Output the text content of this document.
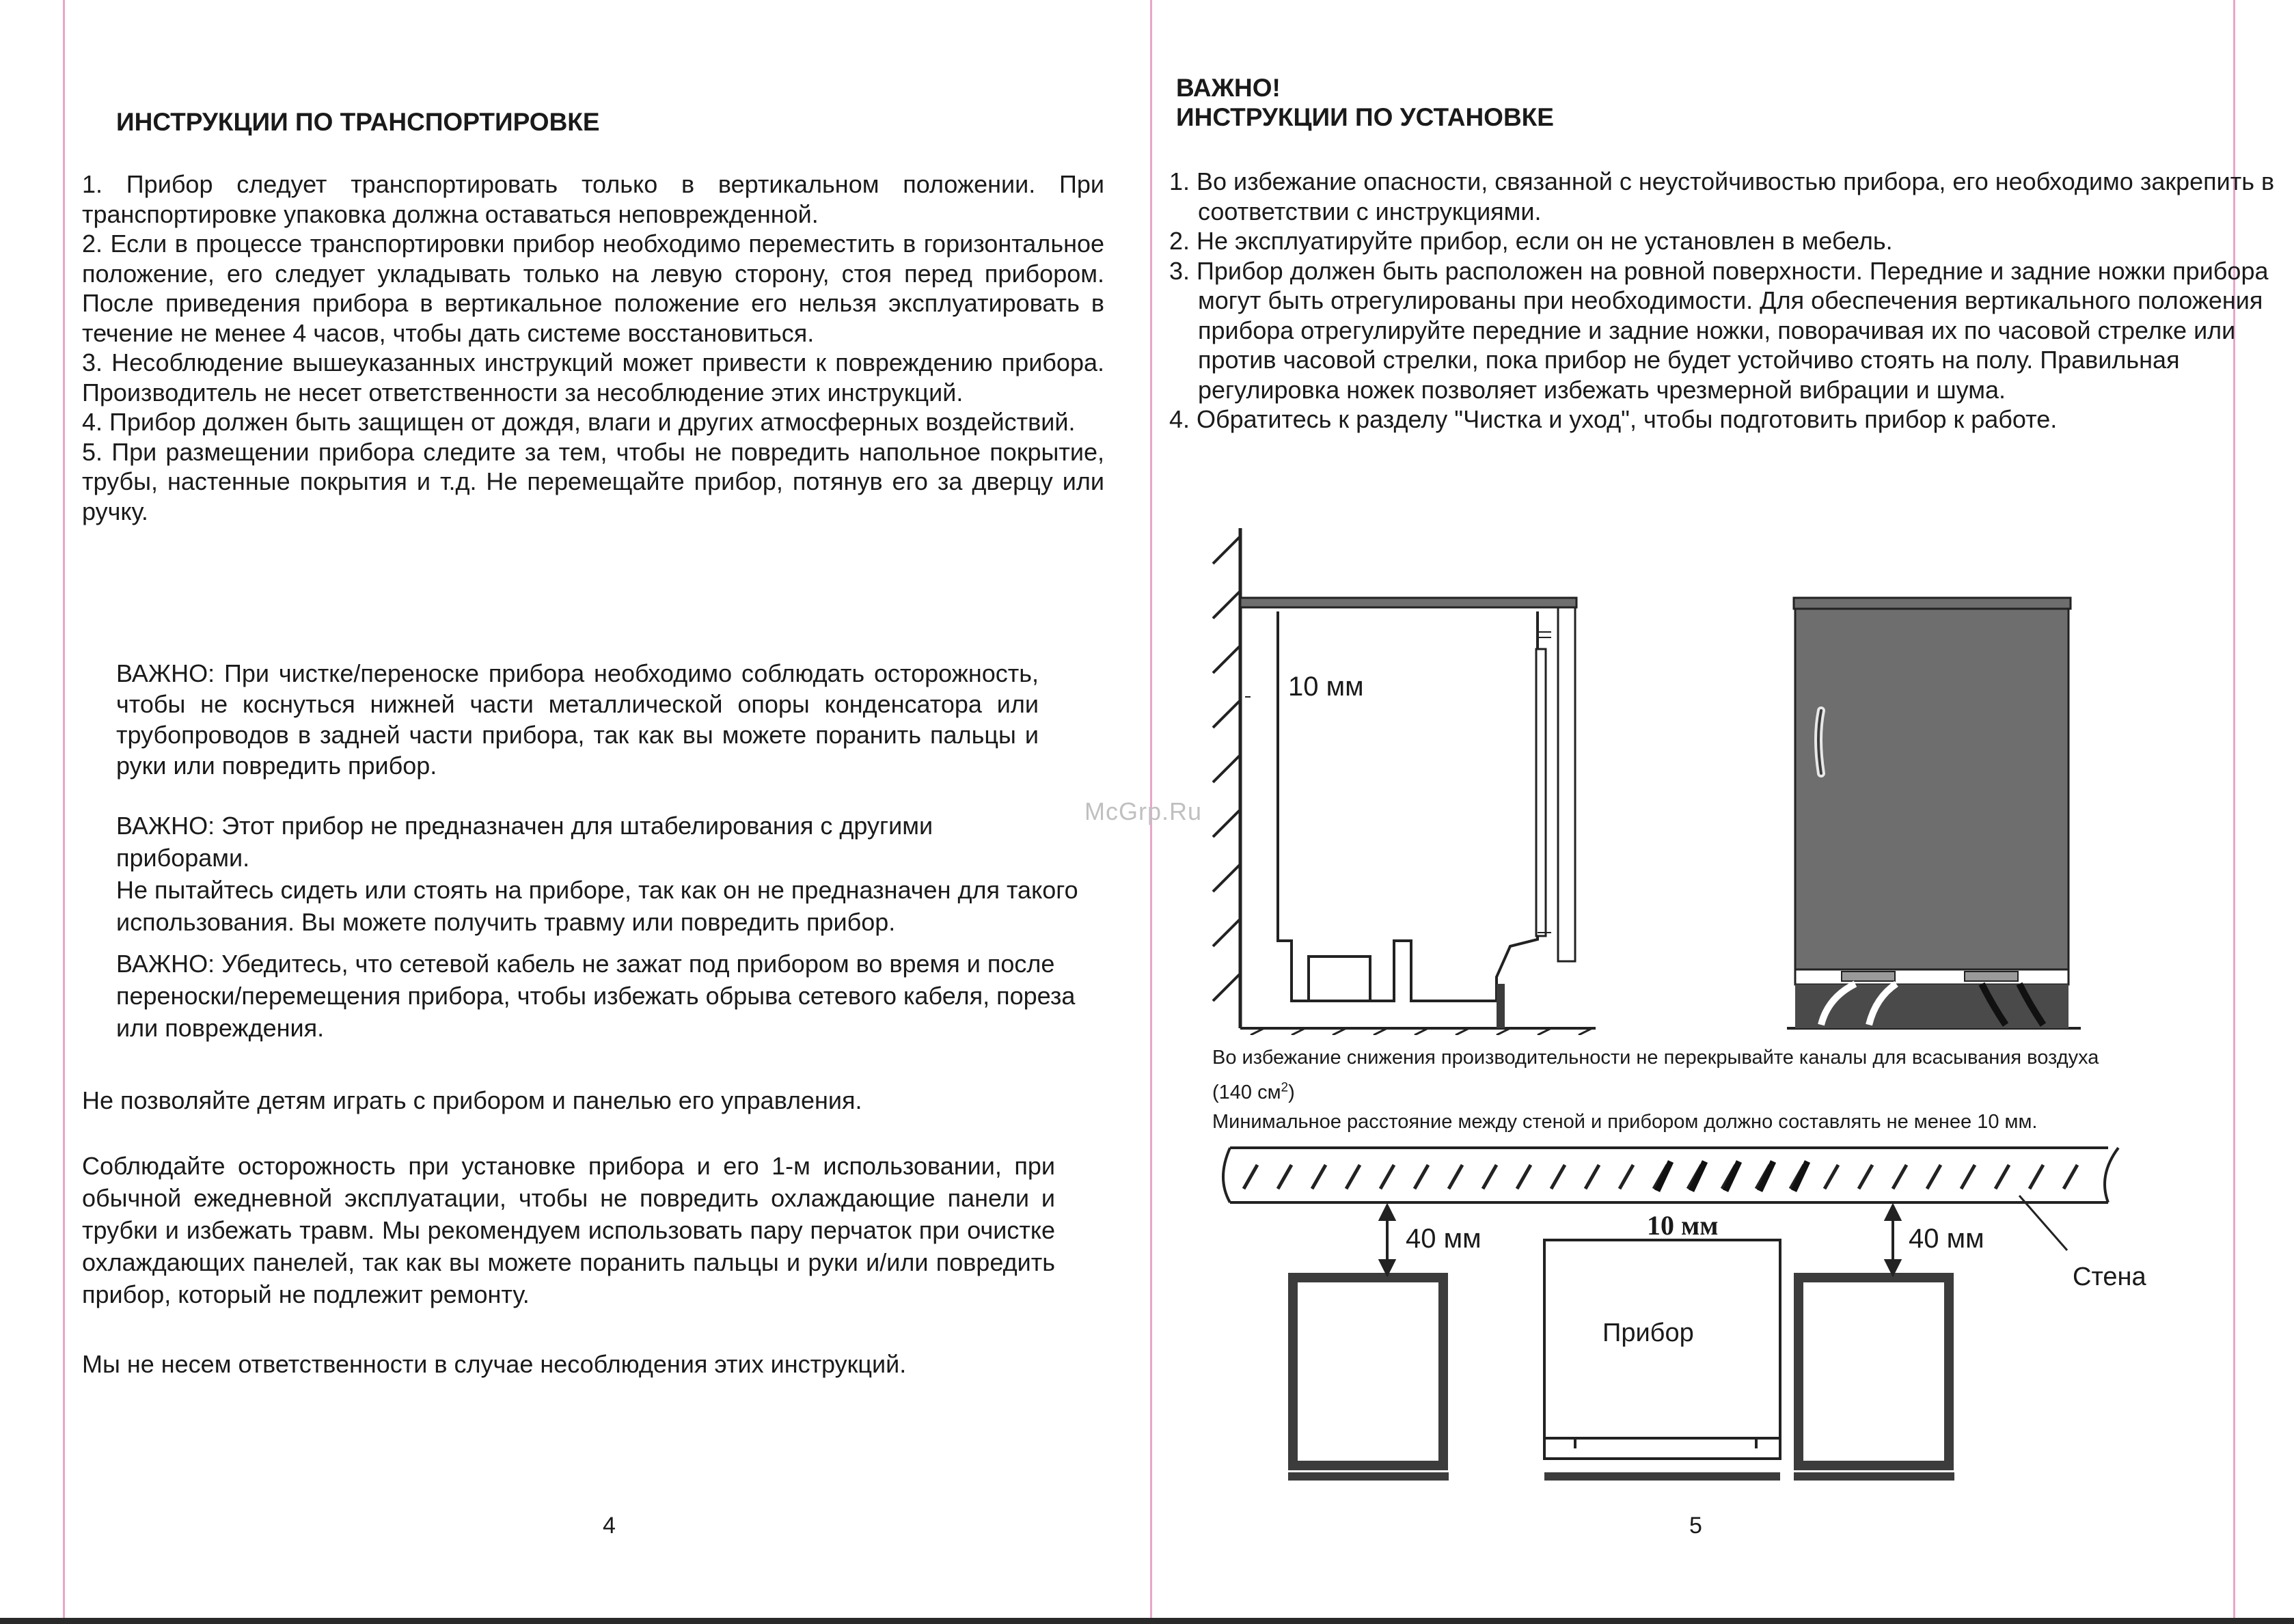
ИНСТРУКЦИИ ПО ТРАНСПОРТИРОВКЕ
1. Прибор следует транспортировать только в вертикальном положении. При транспортировке упаковка должна оставаться неповрежденной.
2. Если в процессе транспортировки прибор необходимо переместить в горизонтальное положение, его следует укладывать только на левую сторону, стоя перед прибором. После приведения прибора в вертикальное положение его нельзя эксплуатировать в течение не менее 4 часов, чтобы дать системе восстановиться.
3. Несоблюдение вышеуказанных инструкций может привести к повреждению прибора. Производитель не несет ответственности за несоблюдение этих инструкций.
4. Прибор должен быть защищен от дождя, влаги и других атмосферных воздействий.
5. При размещении прибора следите за тем, чтобы не повредить напольное покрытие, трубы, настенные покрытия и т.д. Не перемещайте прибор, потянув его за дверцу или ручку.

ВАЖНО: При чистке/переноске прибора необходимо соблюдать осторожность, чтобы не коснуться нижней части металлической опоры конденсатора или трубопроводов в задней части прибора, так как вы можете поранить пальцы и руки или повредить прибор.

ВАЖНО: Этот прибор не предназначен для штабелирования с другими приборами.

Не пытайтесь сидеть или стоять на приборе, так как он не предназначен для такого использования. Вы можете получить травму или повредить прибор.

ВАЖНО: Убедитесь, что сетевой кабель не зажат под прибором во время и после переноски/перемещения прибора, чтобы избежать обрыва сетевого кабеля, пореза или повреждения.

Не позволяйте детям играть с прибором и панелью его управления.

Соблюдайте осторожность при установке прибора и его 1-м использовании, при обычной ежедневной эксплуатации, чтобы не повредить охлаждающие панели и трубки и избежать травм. Мы рекомендуем использовать пару перчаток при очистке охлаждающих панелей, так как вы можете поранить пальцы и руки и/или повредить прибор, который не подлежит ремонту.

Мы не несем ответственности в случае несоблюдения этих инструкций.

4
ВАЖНО!
ИНСТРУКЦИИ ПО УСТАНОВКЕ
1. Во избежание опасности, связанной с неустойчивостью прибора, его необходимо закрепить в соответствии с инструкциями.
2. Не эксплуатируйте прибор, если он не установлен в мебель.
3. Прибор должен быть расположен на ровной поверхности. Передние и задние ножки прибора могут быть отрегулированы при необходимости. Для обеспечения вертикального положения прибора отрегулируйте передние и задние ножки, поворачивая их по часовой стрелке или против часовой стрелки, пока прибор не будет устойчиво стоять на полу. Правильная регулировка ножек позволяет избежать чрезмерной вибрации и шума.
4. Обратитесь к разделу "Чистка и уход", чтобы подготовить прибор к работе.
10 мм

Во избежание снижения производительности не перекрывайте каналы для всасывания воздуха
(140 $см^2$)
Минимальное расстояние между стеной и прибором должно составлять не менее 10 мм.

10 мм
40 мм	40 мм
Стена
Прибор
McGrp.Ru
5
